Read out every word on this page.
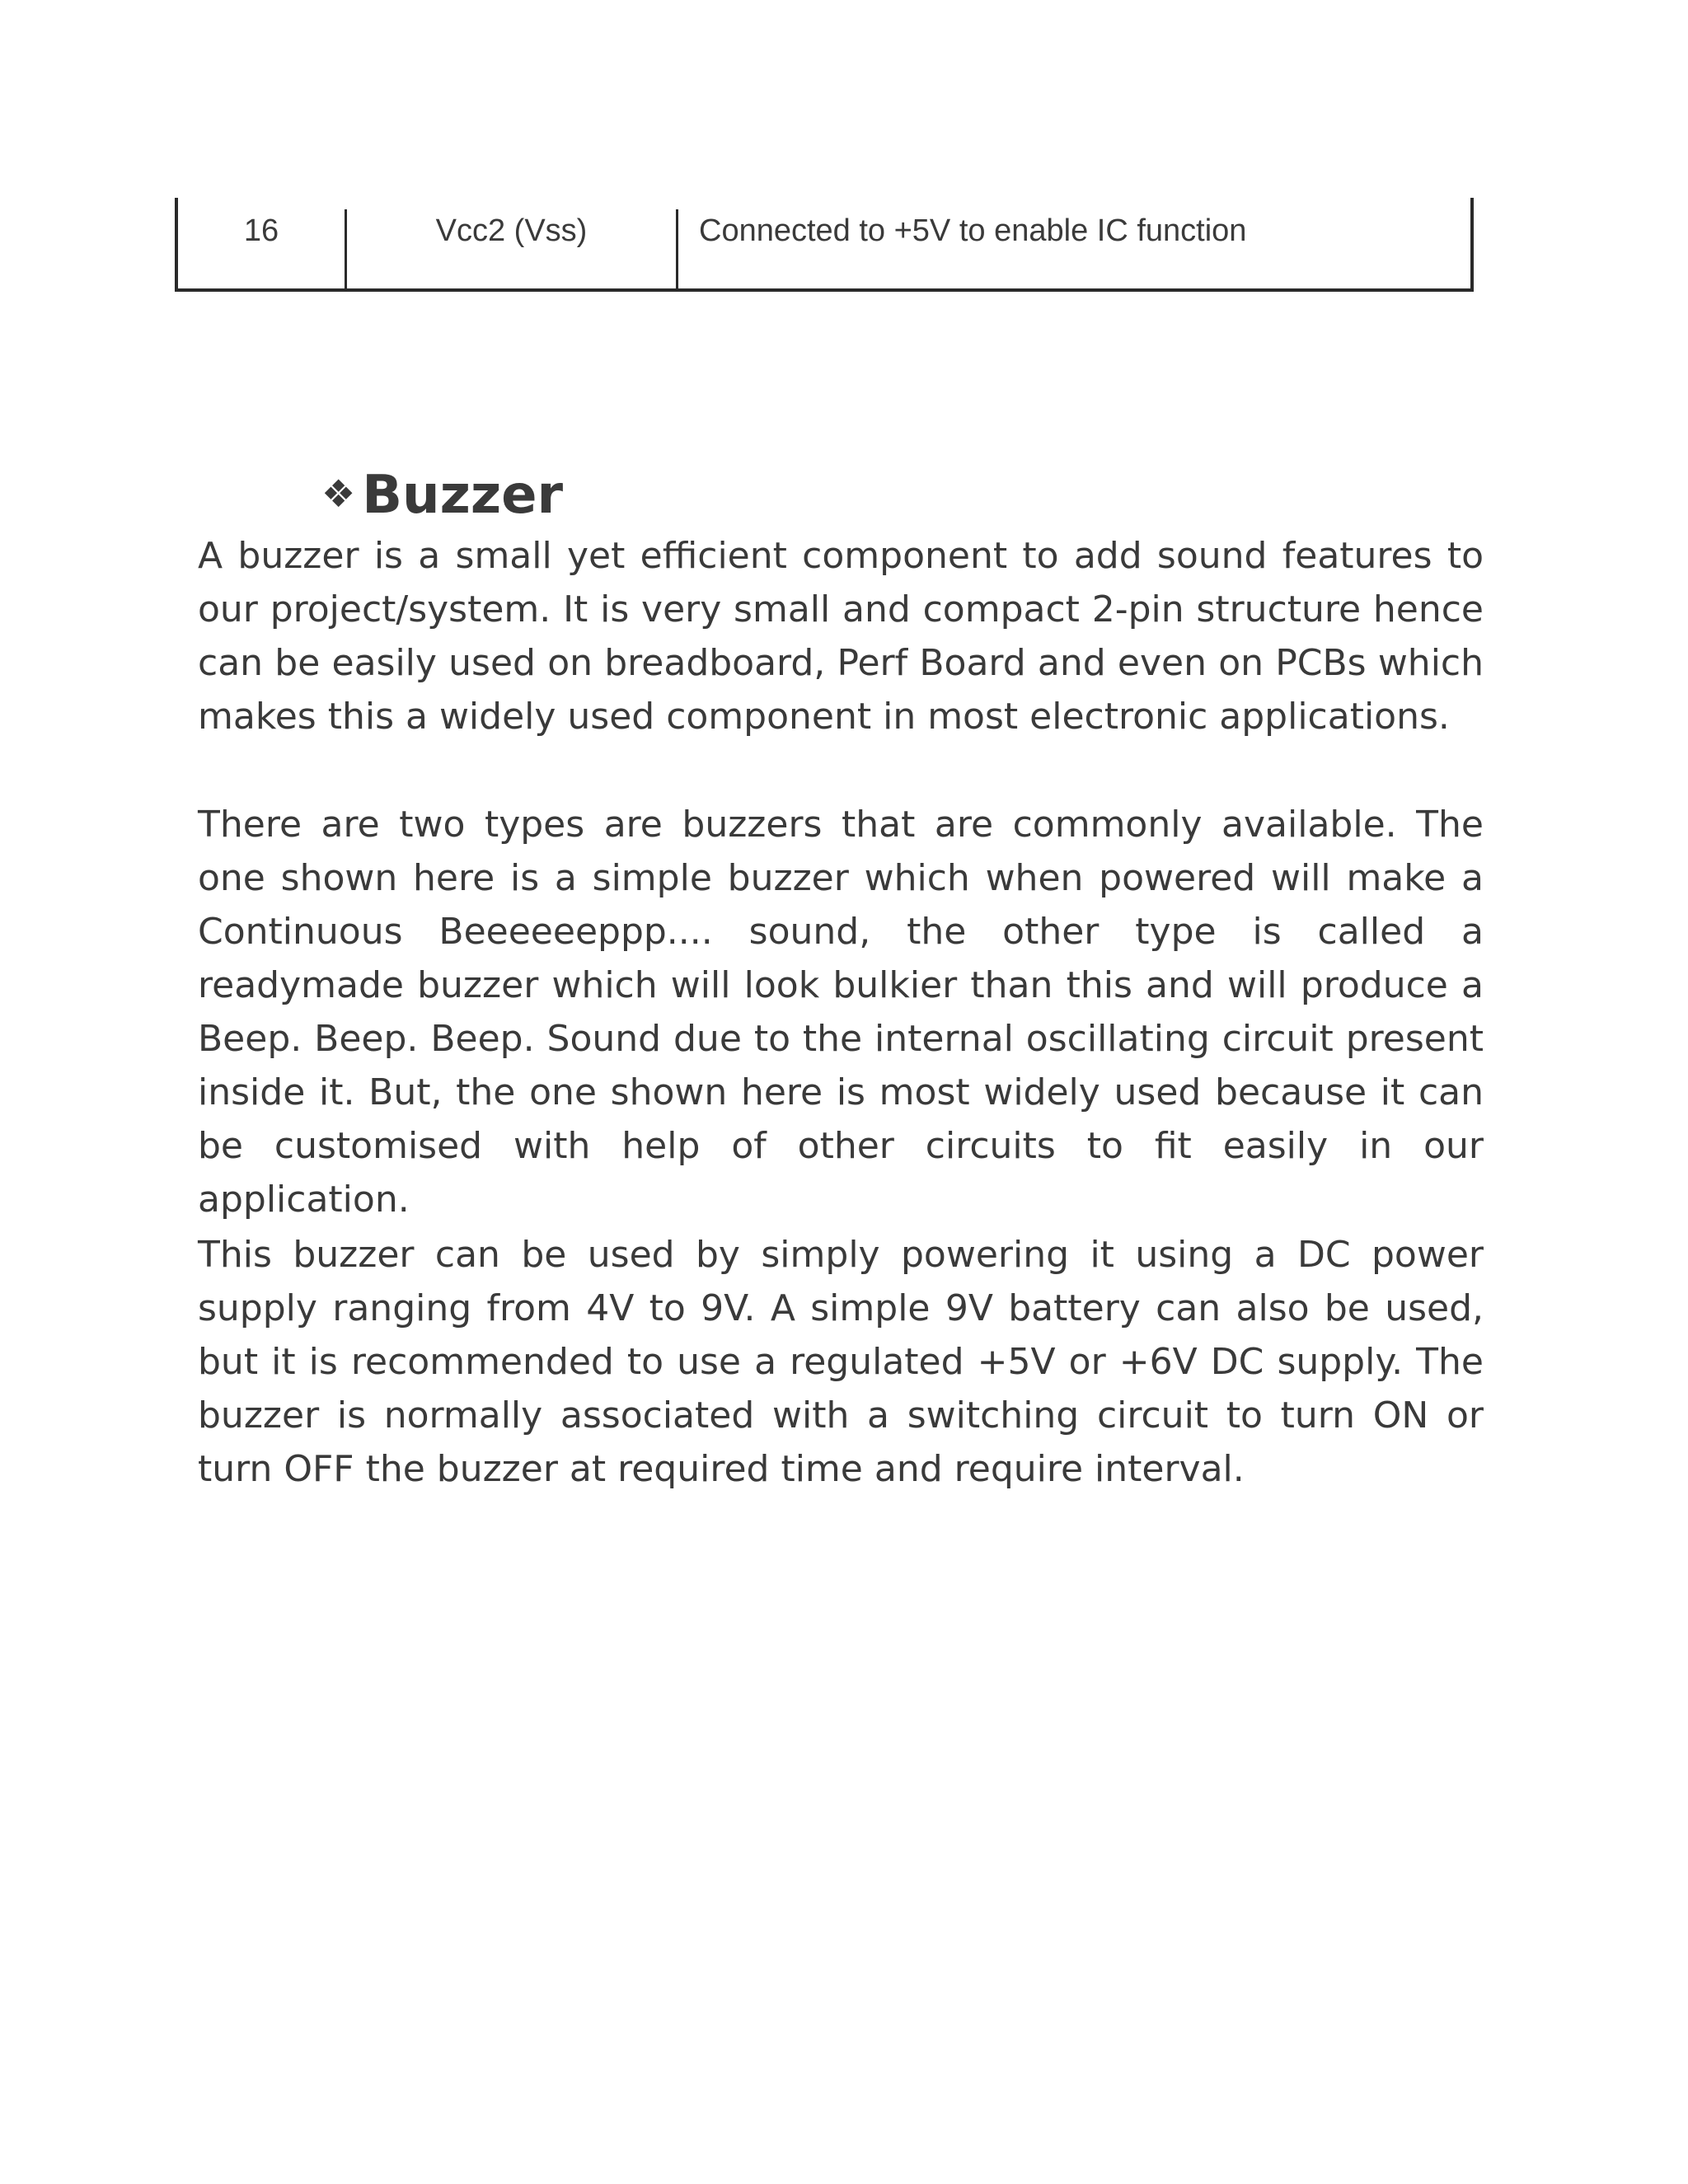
16	Vcc2 (Vss)	Connected to +5V to enable IC function
❖ Buzzer

A buzzer is a small yet efficient component to add sound features to our project/system. It is very small and compact 2-pin structure hence can be easily used on breadboard, Perf Board and even on PCBs which makes this a widely used component in most electronic applications.

There are two types are buzzers that are commonly available. The one shown here is a simple buzzer which when powered will make a Continuous Beeeeeeppp.... sound, the other type is called a readymade buzzer which will look bulkier than this and will produce a Beep. Beep. Beep. Sound due to the internal oscillating circuit present inside it. But, the one shown here is most widely used because it can be customised with help of other circuits to fit easily in our application.

This buzzer can be used by simply powering it using a DC power supply ranging from 4V to 9V. A simple 9V battery can also be used, but it is recommended to use a regulated +5V or +6V DC supply. The buzzer is normally associated with a switching circuit to turn ON or turn OFF the buzzer at required time and require interval.
